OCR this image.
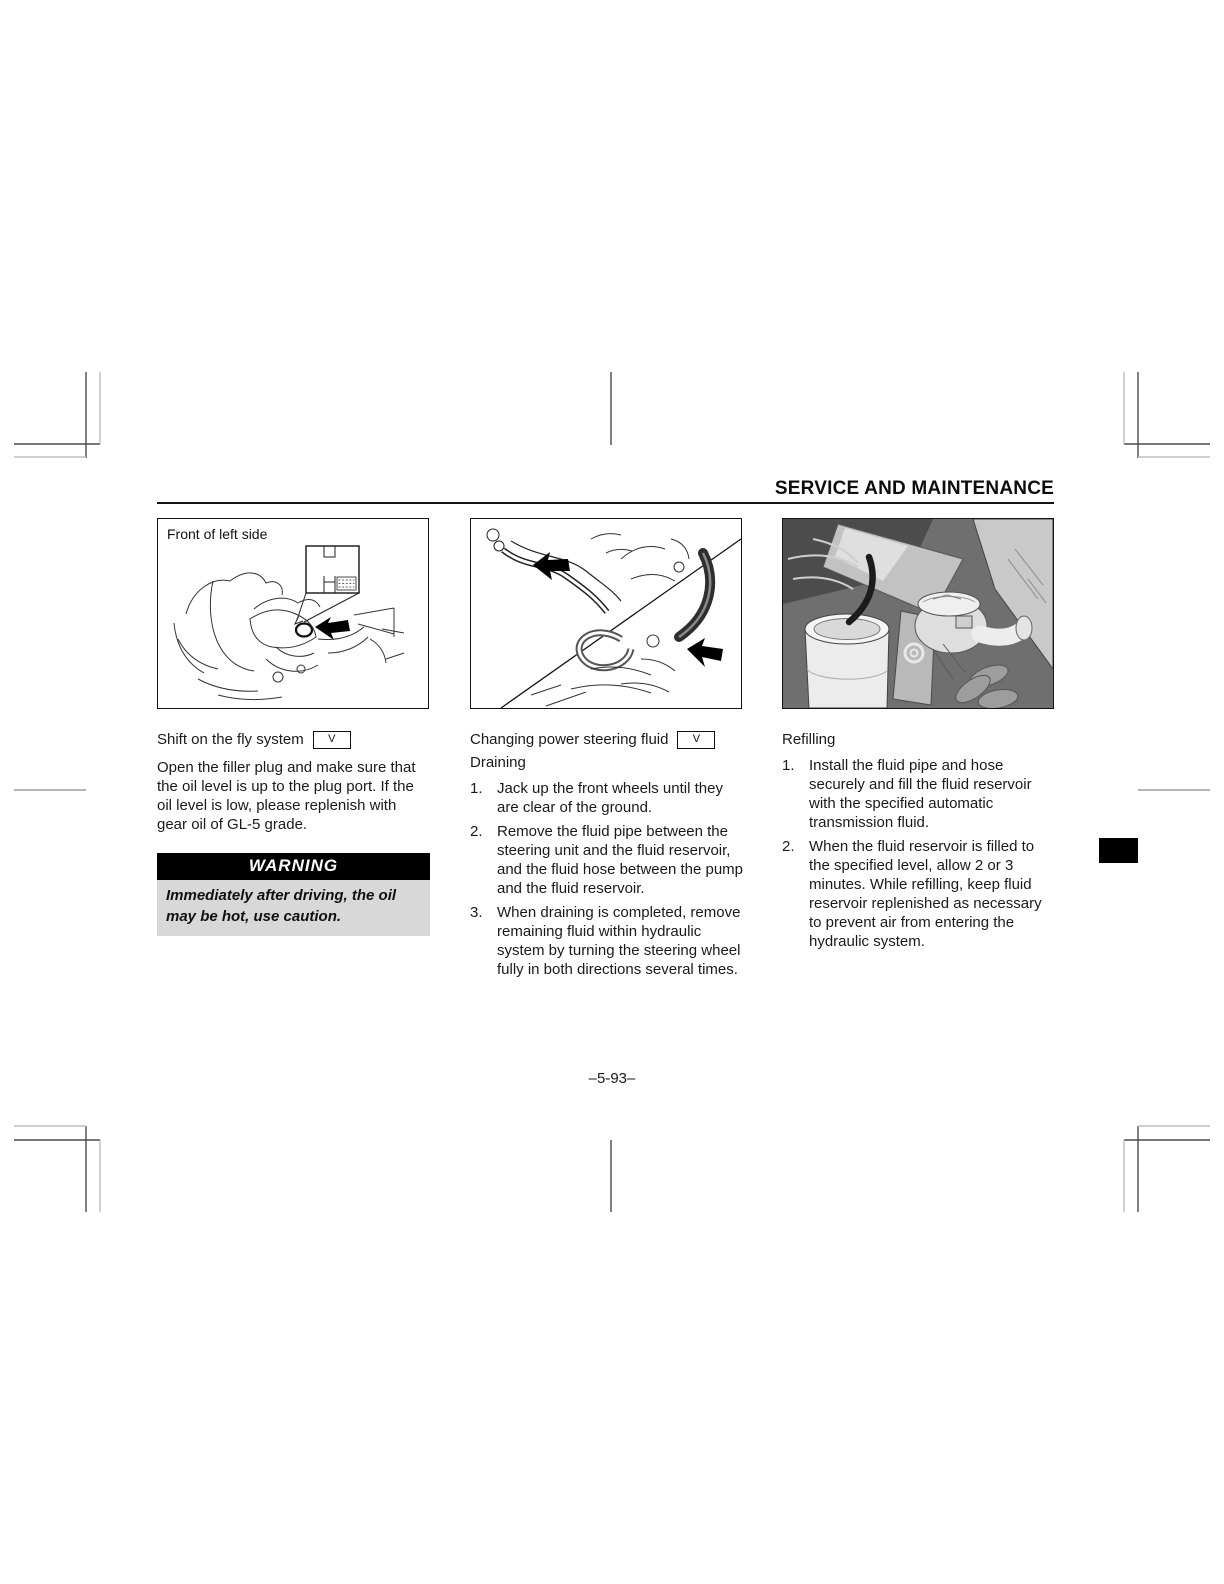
SERVICE AND MAINTENANCE
Front of left side
Shift on the fly system	V

Open the filler plug and make sure that the oil level is up to the plug port. If the oil level is low, please replenish with gear oil of GL-5 grade.

WARNING
Immediately after driving, the oil may be hot, use caution.
Changing power steering fluid	V
Draining
1. Jack up the front wheels until they are clear of the ground.
2. Remove the fluid pipe between the steering unit and the fluid reservoir, and the fluid hose between the pump and the fluid reservoir.
3. When draining is completed, remove remaining fluid within hydraulic system by turning the steering wheel fully in both directions several times.
Refilling
1. Install the fluid pipe and hose securely and fill the fluid reservoir with the specified automatic transmission fluid.
2. When the fluid reservoir is filled to the specified level, allow 2 or 3 minutes. While refilling, keep fluid reservoir replenished as necessary to prevent air from entering the hydraulic system.
–5-93–
